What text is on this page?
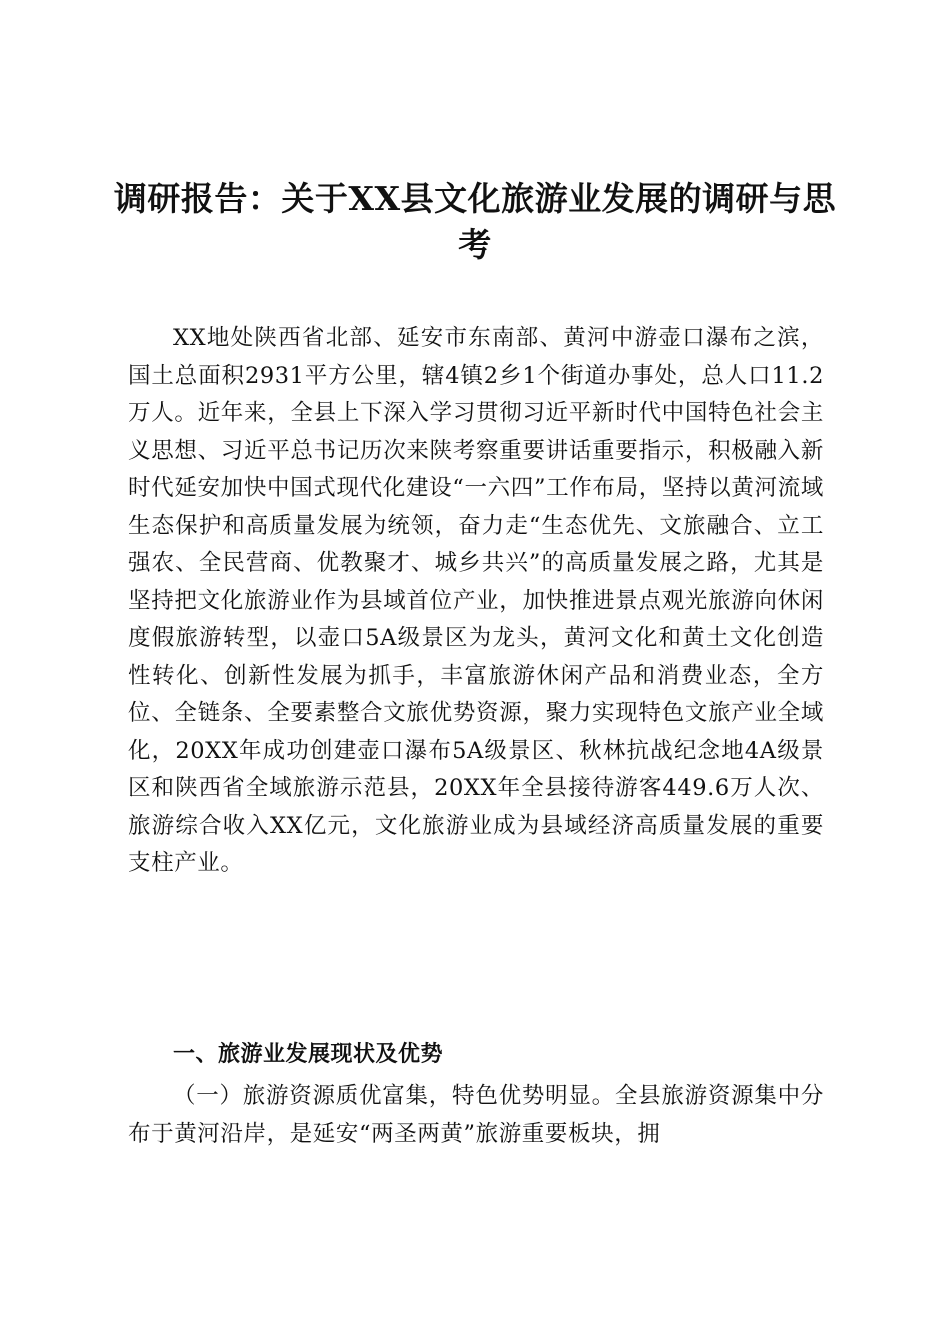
调研报告：关于XX县文化旅游业发展的调研与思考

XX地处陕西省北部、延安市东南部、黄河中游壶口瀑布之滨，国土总面积2931平方公里，辖4镇2乡1个街道办事处，总人口11.2万人。近年来，全县上下深入学习贯彻习近平新时代中国特色社会主义思想、习近平总书记历次来陕考察重要讲话重要指示，积极融入新时代延安加快中国式现代化建设“一六四”工作布局，坚持以黄河流域生态保护和高质量发展为统领，奋力走“生态优先、文旅融合、立工强农、全民营商、优教聚才、城乡共兴”的高质量发展之路，尤其是坚持把文化旅游业作为县域首位产业，加快推进景点观光旅游向休闲度假旅游转型，以壶口5A级景区为龙头，黄河文化和黄土文化创造性转化、创新性发展为抓手，丰富旅游休闲产品和消费业态，全方位、全链条、全要素整合文旅优势资源，聚力实现特色文旅产业全域化，20XX年成功创建壶口瀑布5A级景区、秋林抗战纪念地4A级景区和陕西省全域旅游示范县，20XX年全县接待游客449.6万人次、旅游综合收入XX亿元，文化旅游业成为县域经济高质量发展的重要支柱产业。

一、旅游业发展现状及优势

（一）旅游资源质优富集，特色优势明显。全县旅游资源集中分布于黄河沿岸，是延安“两圣两黄”旅游重要板块，拥
